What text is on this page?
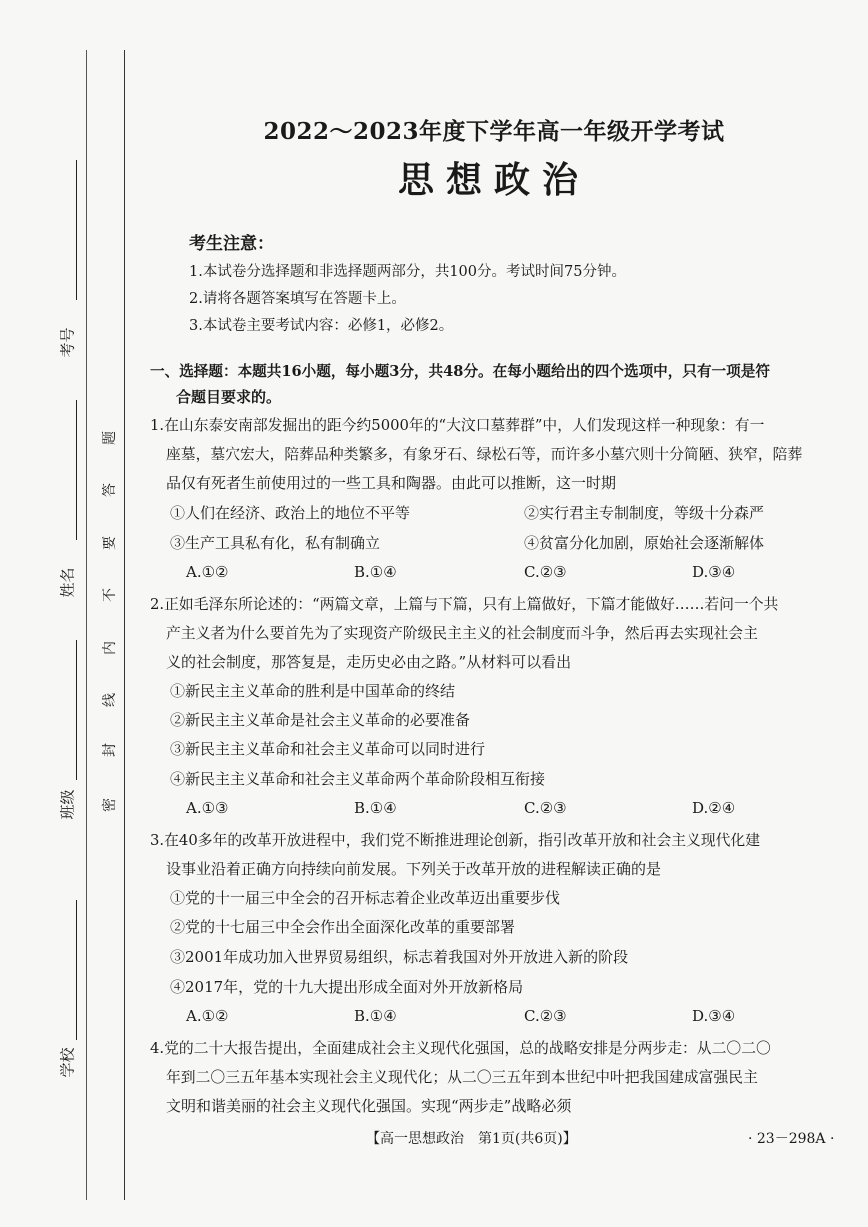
考号
姓名
班级
学校
密
封
线
内
不
要
答
题
2022～2023年度下学年高一年级开学考试
思想政治
考生注意：
1.本试卷分选择题和非选择题两部分，共100分。考试时间75分钟。
2.请将各题答案填写在答题卡上。
3.本试卷主要考试内容：必修1，必修2。
一、选择题：本题共16小题，每小题3分，共48分。在每小题给出的四个选项中，只有一项是符
合题目要求的。
1.在山东泰安南部发掘出的距今约5000年的“大汶口墓葬群”中，人们发现这样一种现象：有一
座墓，墓穴宏大，陪葬品种类繁多，有象牙石、绿松石等，而许多小墓穴则十分简陋、狭窄，陪葬
品仅有死者生前使用过的一些工具和陶器。由此可以推断，这一时期
①人们在经济、政治上的地位不平等	②实行君主专制制度，等级十分森严
③生产工具私有化，私有制确立	④贫富分化加剧，原始社会逐渐解体
A.①②	B.①④	C.②③	D.③④
2.正如毛泽东所论述的：“两篇文章，上篇与下篇，只有上篇做好，下篇才能做好……若问一个共
产主义者为什么要首先为了实现资产阶级民主主义的社会制度而斗争，然后再去实现社会主
义的社会制度，那答复是，走历史必由之路。”从材料可以看出
①新民主主义革命的胜利是中国革命的终结
②新民主主义革命是社会主义革命的必要准备
③新民主主义革命和社会主义革命可以同时进行
④新民主主义革命和社会主义革命两个革命阶段相互衔接
A.①③	B.①④	C.②③	D.②④
3.在40多年的改革开放进程中，我们党不断推进理论创新，指引改革开放和社会主义现代化建
设事业沿着正确方向持续向前发展。下列关于改革开放的进程解读正确的是
①党的十一届三中全会的召开标志着企业改革迈出重要步伐
②党的十七届三中全会作出全面深化改革的重要部署
③2001年成功加入世界贸易组织，标志着我国对外开放进入新的阶段
④2017年，党的十九大提出形成全面对外开放新格局
A.①②	B.①④	C.②③	D.③④
4.党的二十大报告提出，全面建成社会主义现代化强国，总的战略安排是分两步走：从二〇二〇
年到二〇三五年基本实现社会主义现代化；从二〇三五年到本世纪中叶把我国建成富强民主
文明和谐美丽的社会主义现代化强国。实现“两步走”战略必须
【高一思想政治　第1页(共6页)】	· 23－298A ·
